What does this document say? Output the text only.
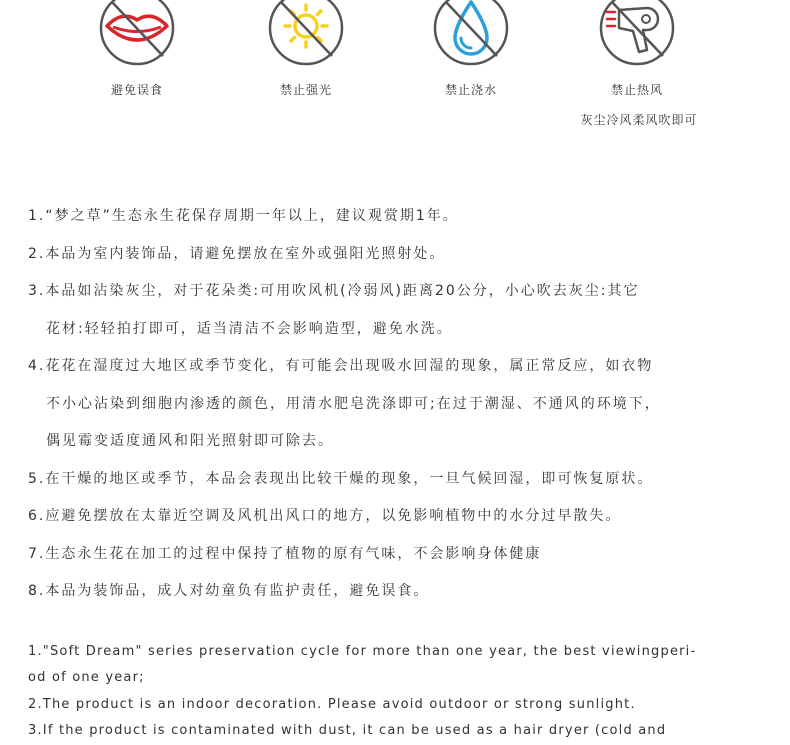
避免误食	禁止强光	禁止浇水	禁止热风
灰尘冷风柔风吹即可
1.“梦之草”生态永生花保存周期一年以上，建议观赏期1年。
2.本品为室内装饰品，请避免摆放在室外或强阳光照射处。
3.本品如沾染灰尘，对于花朵类:可用吹风机(冷弱风)距离20公分，小心吹去灰尘:其它
花材:轻轻拍打即可，适当清洁不会影响造型，避免水洗。
4.花花在湿度过大地区或季节变化，有可能会出现吸水回湿的现象，属正常反应，如衣物
不小心沾染到细胞内渗透的颜色，用清水肥皂洗涤即可;在过于潮湿、不通风的环境下，
偶见霉变适度通风和阳光照射即可除去。
5.在干燥的地区或季节，本品会表现出比较干燥的现象，一旦气候回湿，即可恢复原状。
6.应避免摆放在太靠近空调及风机出风口的地方，以免影响植物中的水分过早散失。
7.生态永生花在加工的过程中保持了植物的原有气味，不会影响身体健康
8.本品为装饰品，成人对幼童负有监护责任，避免误食。
1."Soft Dream" series preservation cycle for more than one year, the best viewingperi-
od of one year;
2.The product is an indoor decoration. Please avoid outdoor or strong sunlight.
3.If the product is contaminated with dust, it can be used as a hair dryer (cold and
